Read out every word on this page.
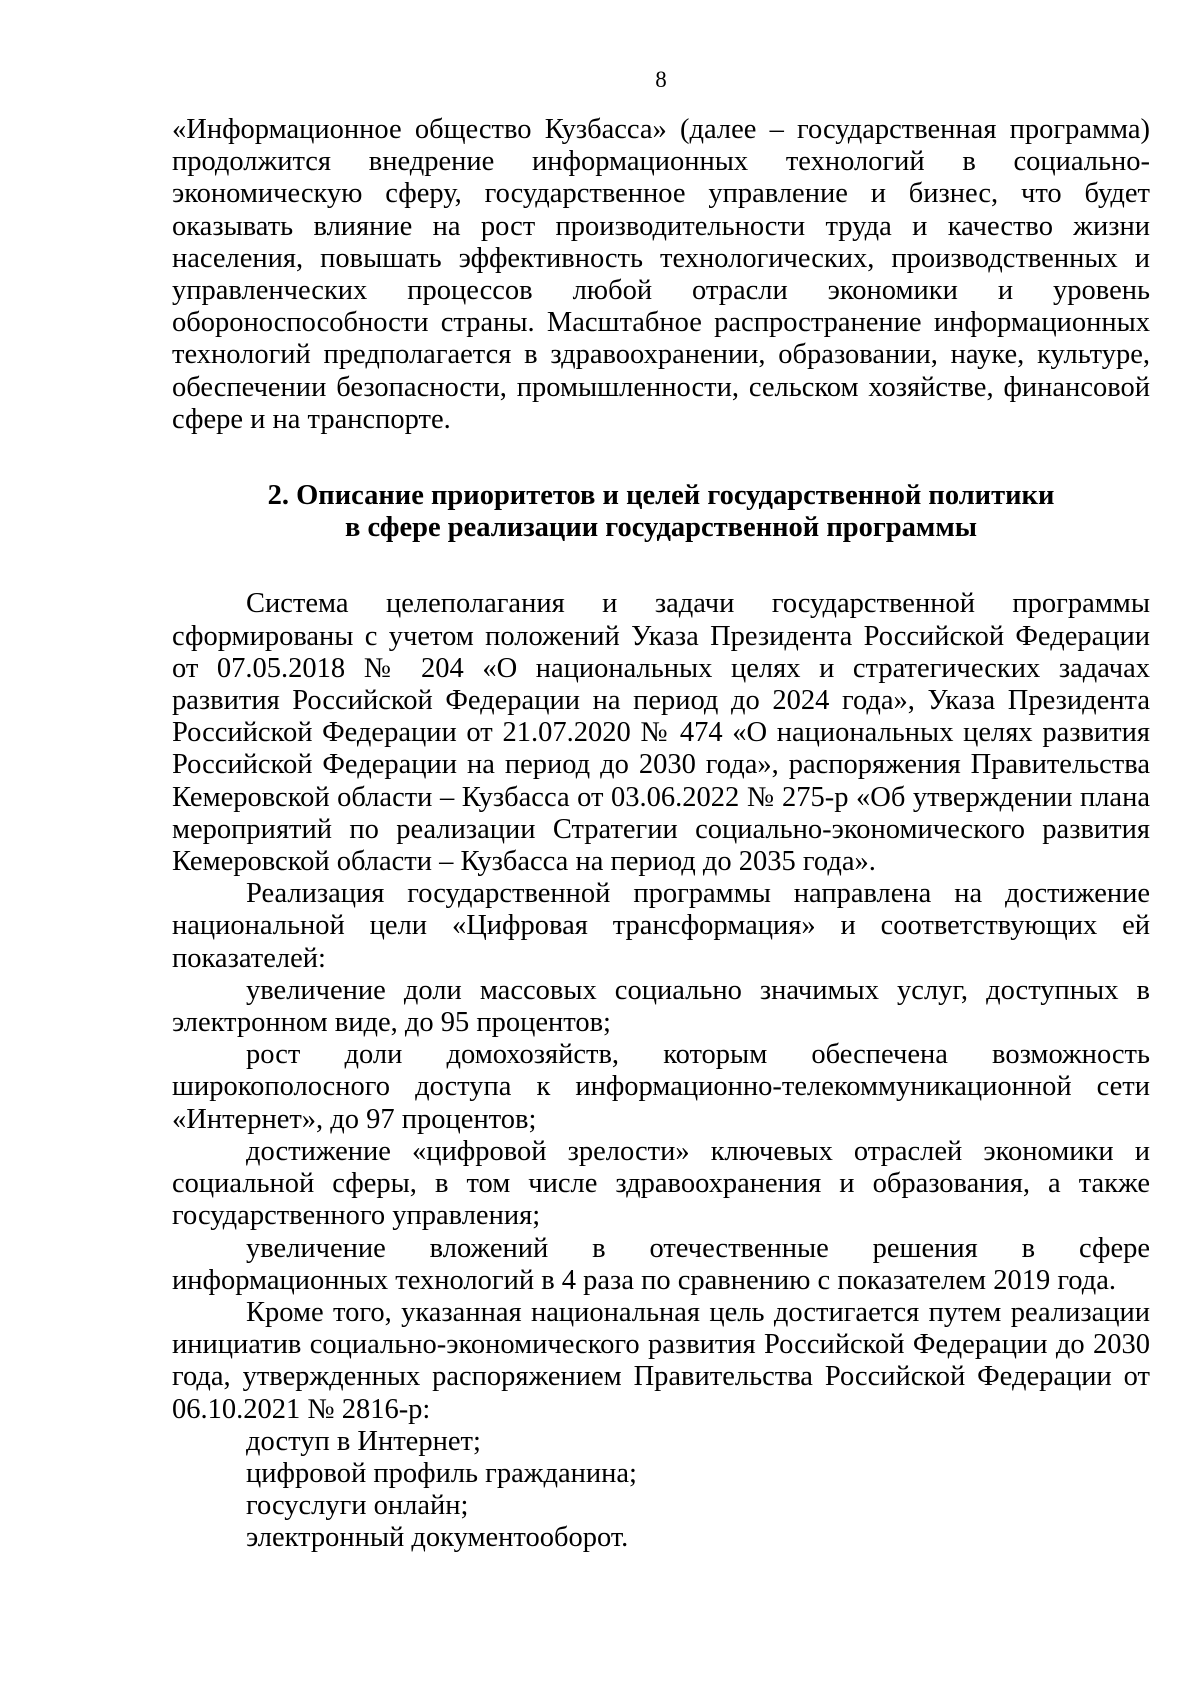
8

«Информационное общество Кузбасса» (далее – государственная программа) продолжится внедрение информационных технологий в социально-экономическую сферу, государственное управление и бизнес, что будет оказывать влияние на рост производительности труда и качество жизни населения, повышать эффективность технологических, производственных и управленческих процессов любой отрасли экономики и уровень обороноспособности страны. Масштабное распространение информационных технологий предполагается в здравоохранении, образовании, науке, культуре, обеспечении безопасности, промышленности, сельском хозяйстве, финансовой сфере и на транспорте.

2. Описание приоритетов и целей государственной политики
в сфере реализации государственной программы

Система целеполагания и задачи государственной программы сформированы с учетом положений Указа Президента Российской Федерации от 07.05.2018 № 204 «О национальных целях и стратегических задачах развития Российской Федерации на период до 2024 года», Указа Президента Российской Федерации от 21.07.2020 № 474 «О национальных целях развития Российской Федерации на период до 2030 года», распоряжения Правительства Кемеровской области – Кузбасса от 03.06.2022 № 275-р «Об утверждении плана мероприятий по реализации Стратегии социально-экономического развития Кемеровской области – Кузбасса на период до 2035 года».

Реализация государственной программы направлена на достижение национальной цели «Цифровая трансформация» и соответствующих ей показателей:

увеличение доли массовых социально значимых услуг, доступных в электронном виде, до 95 процентов;

рост доли домохозяйств, которым обеспечена возможность широкополосного доступа к информационно-телекоммуникационной сети «Интернет», до 97 процентов;

достижение «цифровой зрелости» ключевых отраслей экономики и социальной сферы, в том числе здравоохранения и образования, а также государственного управления;

увеличение вложений в отечественные решения в сфере информационных технологий в 4 раза по сравнению с показателем 2019 года.

Кроме того, указанная национальная цель достигается путем реализации инициатив социально-экономического развития Российской Федерации до 2030 года, утвержденных распоряжением Правительства Российской Федерации от 06.10.2021 № 2816-р:

доступ в Интернет;

цифровой профиль гражданина;

госуслуги онлайн;

электронный документооборот.
